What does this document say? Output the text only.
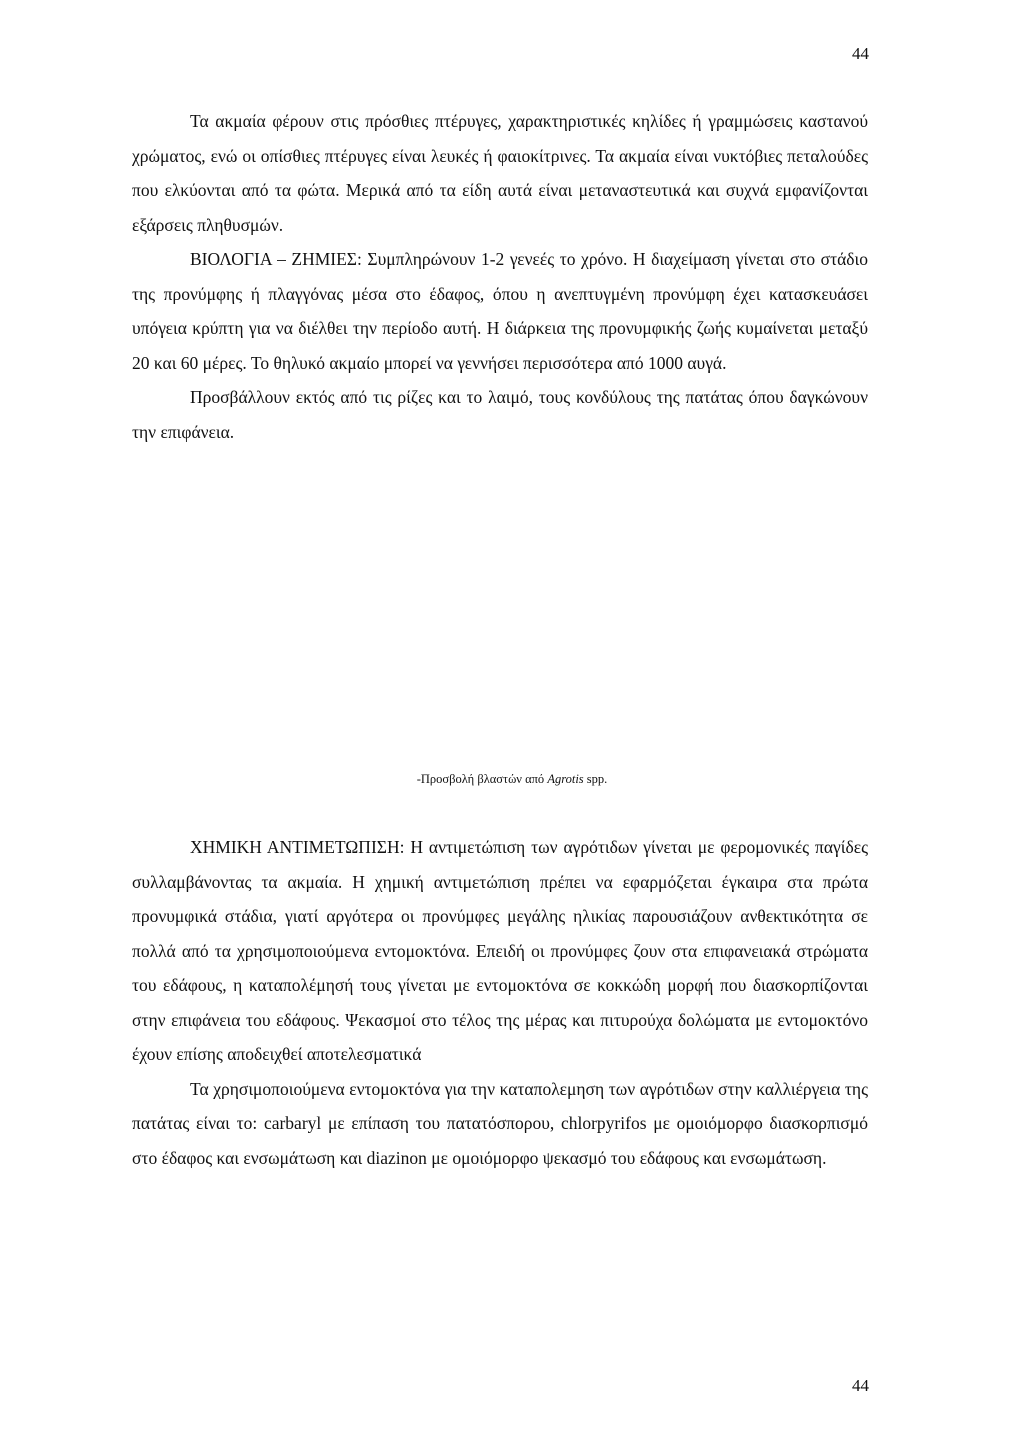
44

Τα ακμαία φέρουν στις πρόσθιες πτέρυγες, χαρακτηριστικές κηλίδες ή γραμμώσεις καστανού χρώματος, ενώ οι οπίσθιες πτέρυγες είναι λευκές ή φαιοκίτρινες. Τα ακμαία είναι νυκτόβιες πεταλούδες που ελκύονται από τα φώτα. Μερικά από τα είδη αυτά είναι μεταναστευτικά και συχνά εμφανίζονται εξάρσεις πληθυσμών.

ΒΙΟΛΟΓΙΑ – ΖΗΜΙΕΣ: Συμπληρώνουν 1-2 γενεές το χρόνο. Η διαχείμαση γίνεται στο στάδιο της προνύμφης ή πλαγγόνας μέσα στο έδαφος, όπου η ανεπτυγμένη προνύμφη έχει κατασκευάσει υπόγεια κρύπτη για να διέλθει την περίοδο αυτή. Η διάρκεια της προνυμφικής ζωής κυμαίνεται μεταξύ 20 και 60 μέρες. Το θηλυκό ακμαίο μπορεί να γεννήσει περισσότερα από 1000 αυγά.

Προσβάλλουν εκτός από τις ρίζες και το λαιμό, τους κονδύλους της πατάτας όπου δαγκώνουν την επιφάνεια.

-Προσβολή βλαστών από Agrotis spp.

ΧΗΜΙΚΗ ΑΝΤΙΜΕΤΩΠΙΣΗ: Η αντιμετώπιση των αγρότιδων γίνεται με φερομονικές παγίδες συλλαμβάνοντας τα ακμαία. Η χημική αντιμετώπιση πρέπει να εφαρμόζεται έγκαιρα στα πρώτα προνυμφικά στάδια, γιατί αργότερα οι προνύμφες μεγάλης ηλικίας παρουσιάζουν ανθεκτικότητα σε πολλά από τα χρησιμοποιούμενα εντομοκτόνα. Επειδή οι προνύμφες ζουν στα επιφανειακά στρώματα του εδάφους, η καταπολέμησή τους γίνεται με εντομοκτόνα σε κοκκώδη μορφή που διασκορπίζονται στην επιφάνεια του εδάφους. Ψεκασμοί στο τέλος της μέρας και πιτυρούχα δολώματα με εντομοκτόνο έχουν επίσης αποδειχθεί αποτελεσματικά

Τα χρησιμοποιούμενα εντομοκτόνα για την καταπολεμηση των αγρότιδων στην καλλιέργεια της πατάτας είναι το: carbaryl με επίπαση του πατατόσπορου, chlorpyrifos με ομοιόμορφο διασκορπισμό στο έδαφος και ενσωμάτωση και diazinon με ομοιόμορφο ψεκασμό του εδάφους και ενσωμάτωση.

44
